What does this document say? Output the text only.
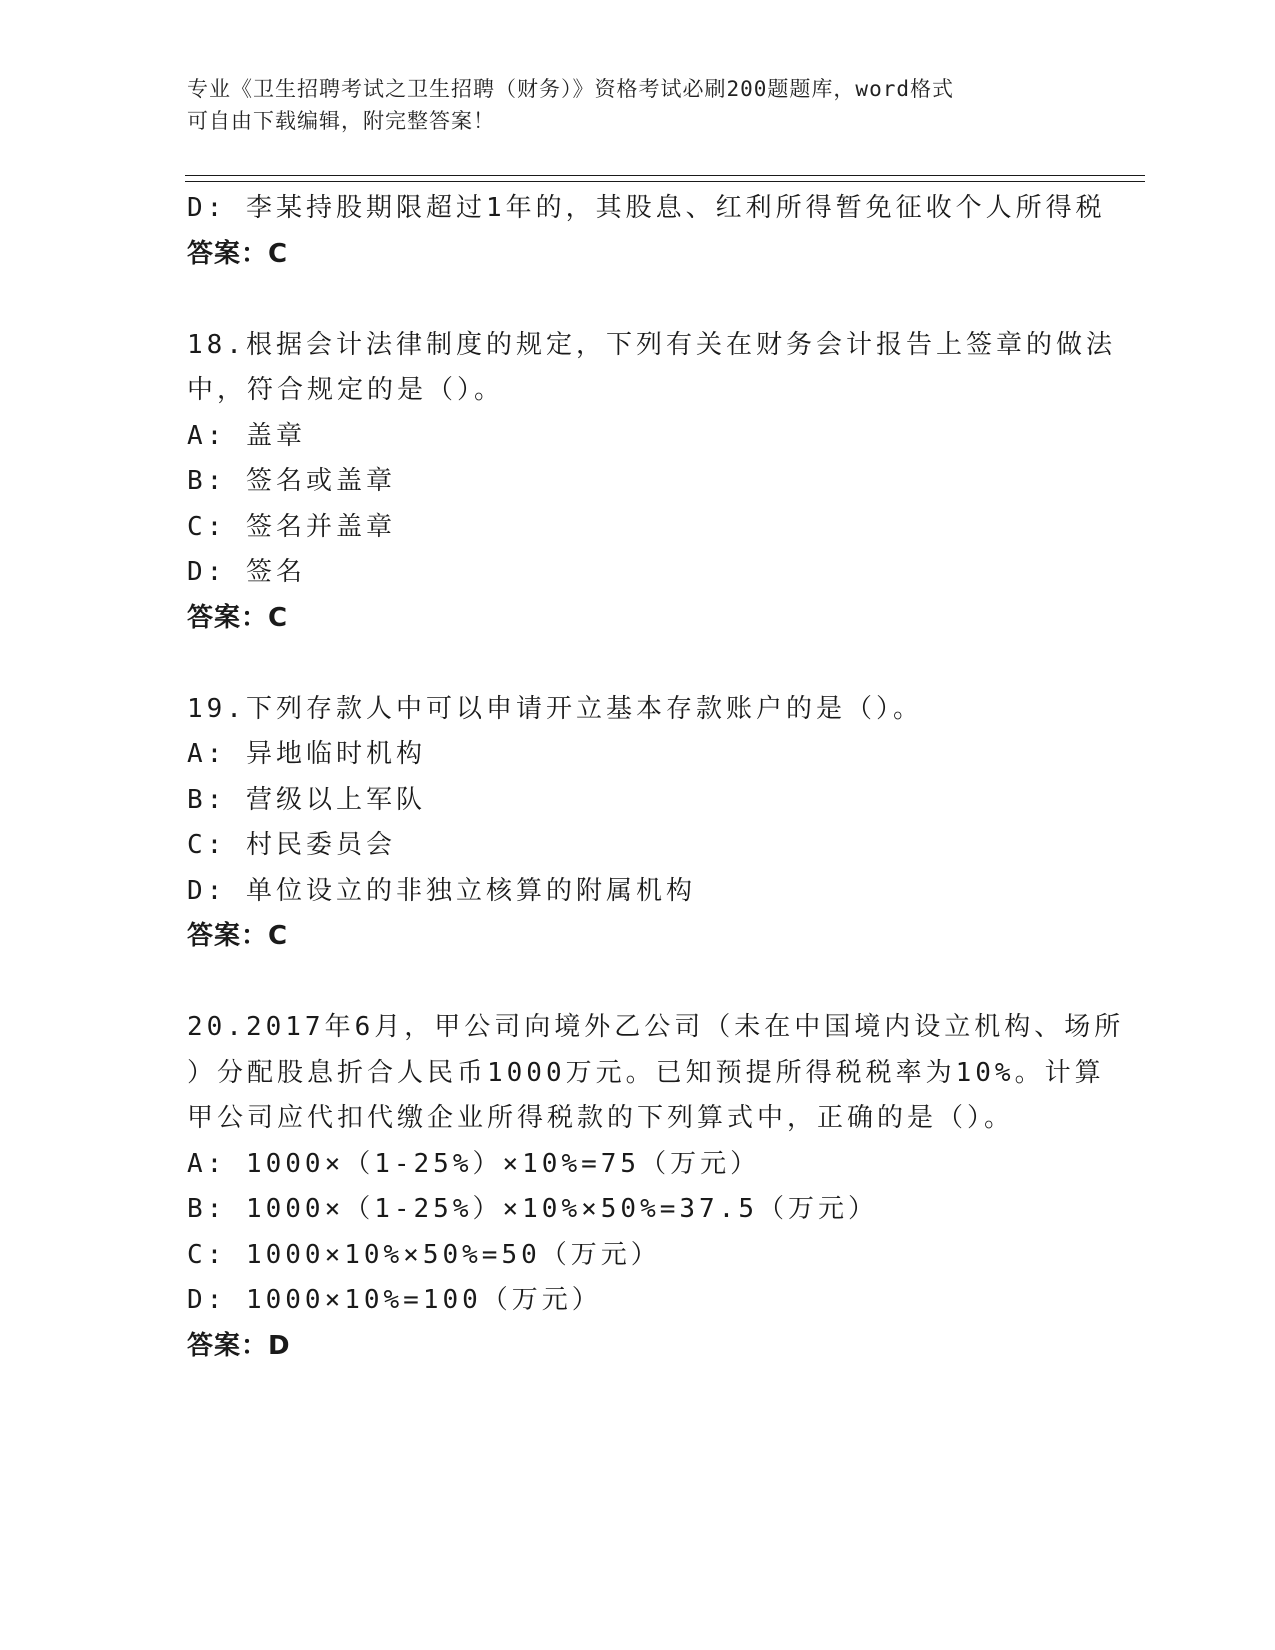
专业《卫生招聘考试之卫生招聘（财务）》资格考试必刷200题题库，word格式
可自由下载编辑，附完整答案！
D: 李某持股期限超过1年的，其股息、红利所得暂免征收个人所得税
答案：C
18.根据会计法律制度的规定，下列有关在财务会计报告上签章的做法
中，符合规定的是（）。
A: 盖章
B: 签名或盖章
C: 签名并盖章
D: 签名
答案：C
19.下列存款人中可以申请开立基本存款账户的是（）。
A: 异地临时机构
B: 营级以上军队
C: 村民委员会
D: 单位设立的非独立核算的附属机构
答案：C
20.2017年6月，甲公司向境外乙公司（未在中国境内设立机构、场所
）分配股息折合人民币1000万元。已知预提所得税税率为10%。计算
甲公司应代扣代缴企业所得税款的下列算式中，正确的是（）。
A: 1000×（1-25%）×10%=75（万元）
B: 1000×（1-25%）×10%×50%=37.5（万元）
C: 1000×10%×50%=50（万元）
D: 1000×10%=100（万元）
答案：D
